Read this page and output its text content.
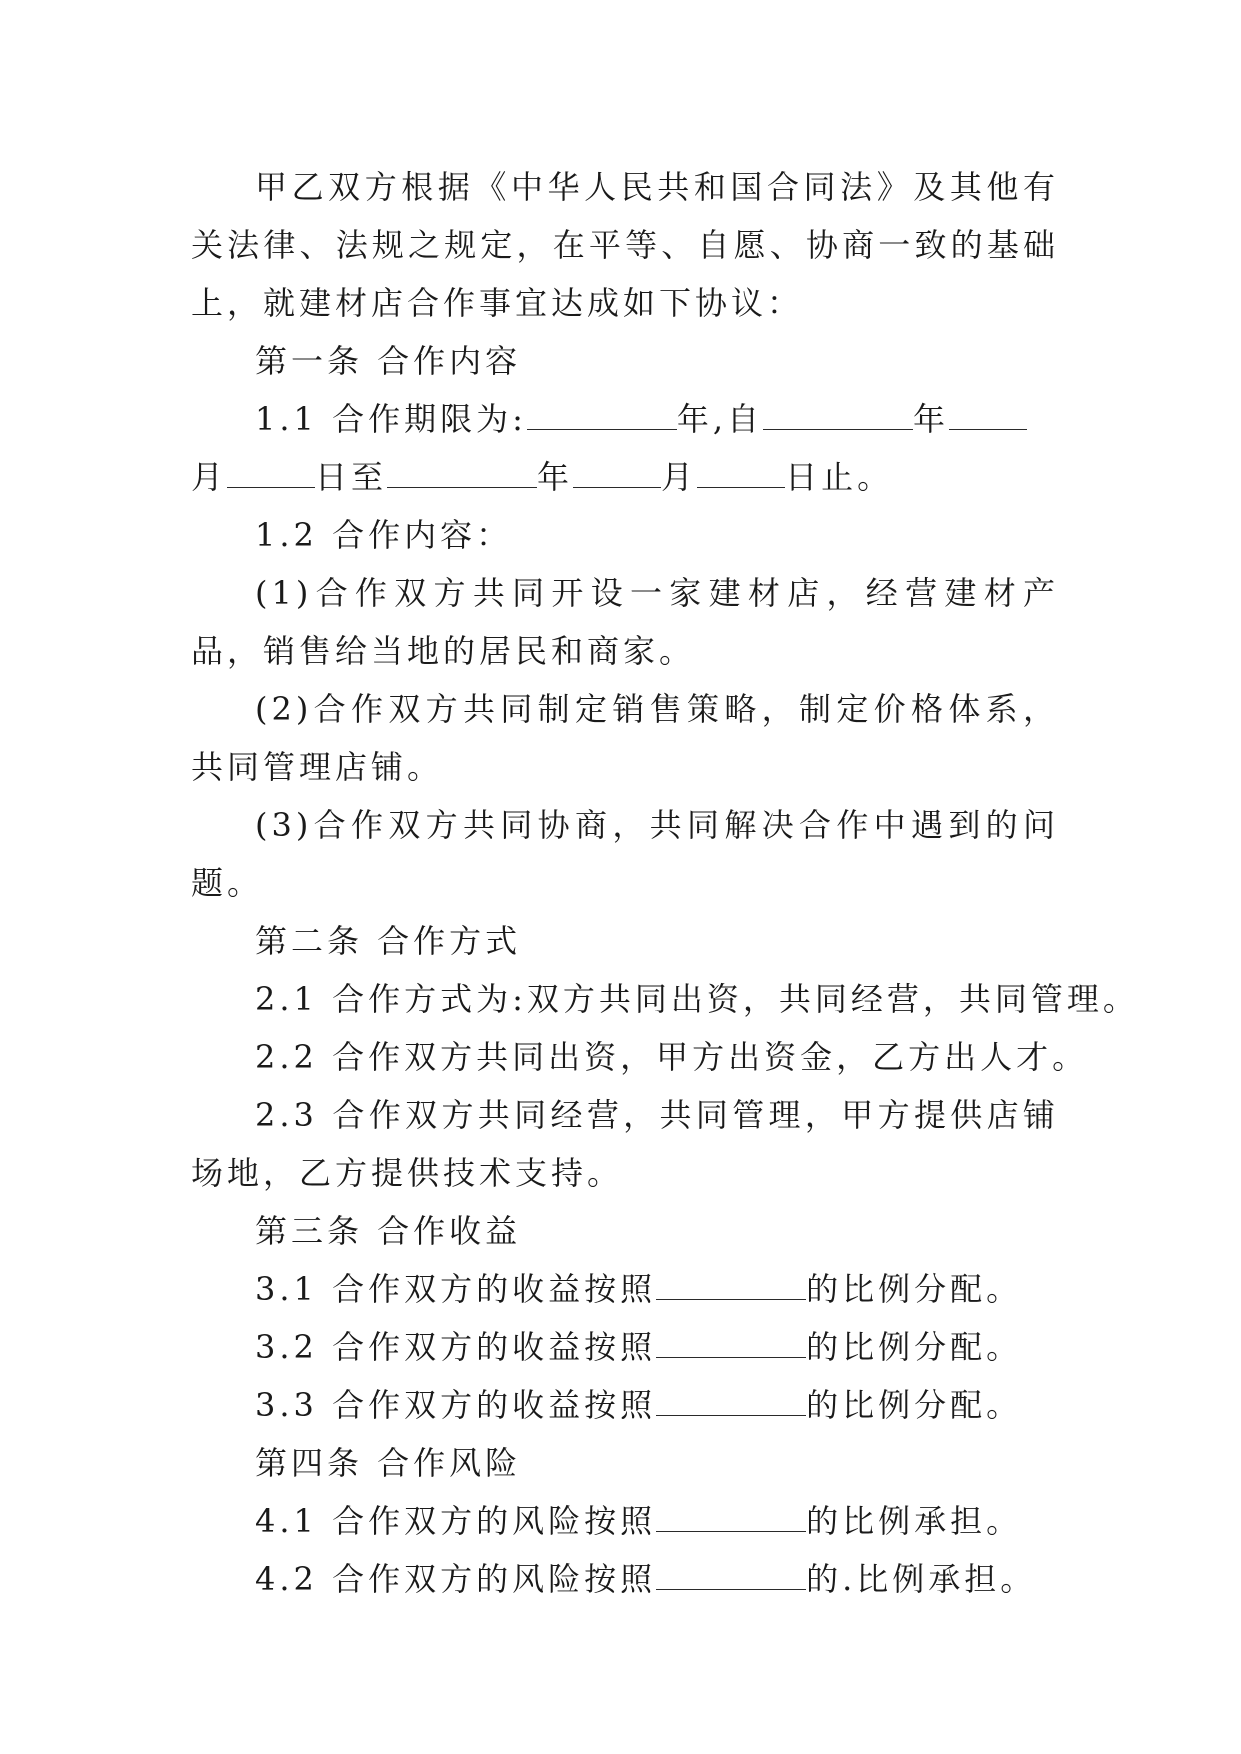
甲乙双方根据《中华人民共和国合同法》及其他有关法律、法规之规定，在平等、自愿、协商一致的基础上，就建材店合作事宜达成如下协议：

第一条 合作内容

1.1 合作期限为:	年,自	年

月	日至	年	月	日止。

1.2 合作内容：

(1)合作双方共同开设一家建材店，经营建材产品，销售给当地的居民和商家。

(2)合作双方共同制定销售策略，制定价格体系，共同管理店铺。

(3)合作双方共同协商，共同解决合作中遇到的问题。

第二条 合作方式

2.1 合作方式为:双方共同出资，共同经营，共同管理。

2.2 合作双方共同出资，甲方出资金，乙方出人才。

2.3 合作双方共同经营，共同管理，甲方提供店铺场地，乙方提供技术支持。

第三条 合作收益

3.1 合作双方的收益按照	的比例分配。

3.2 合作双方的收益按照	的比例分配。

3.3 合作双方的收益按照	的比例分配。

第四条 合作风险

4.1 合作双方的风险按照	的比例承担。

4.2 合作双方的风险按照	的.比例承担。
